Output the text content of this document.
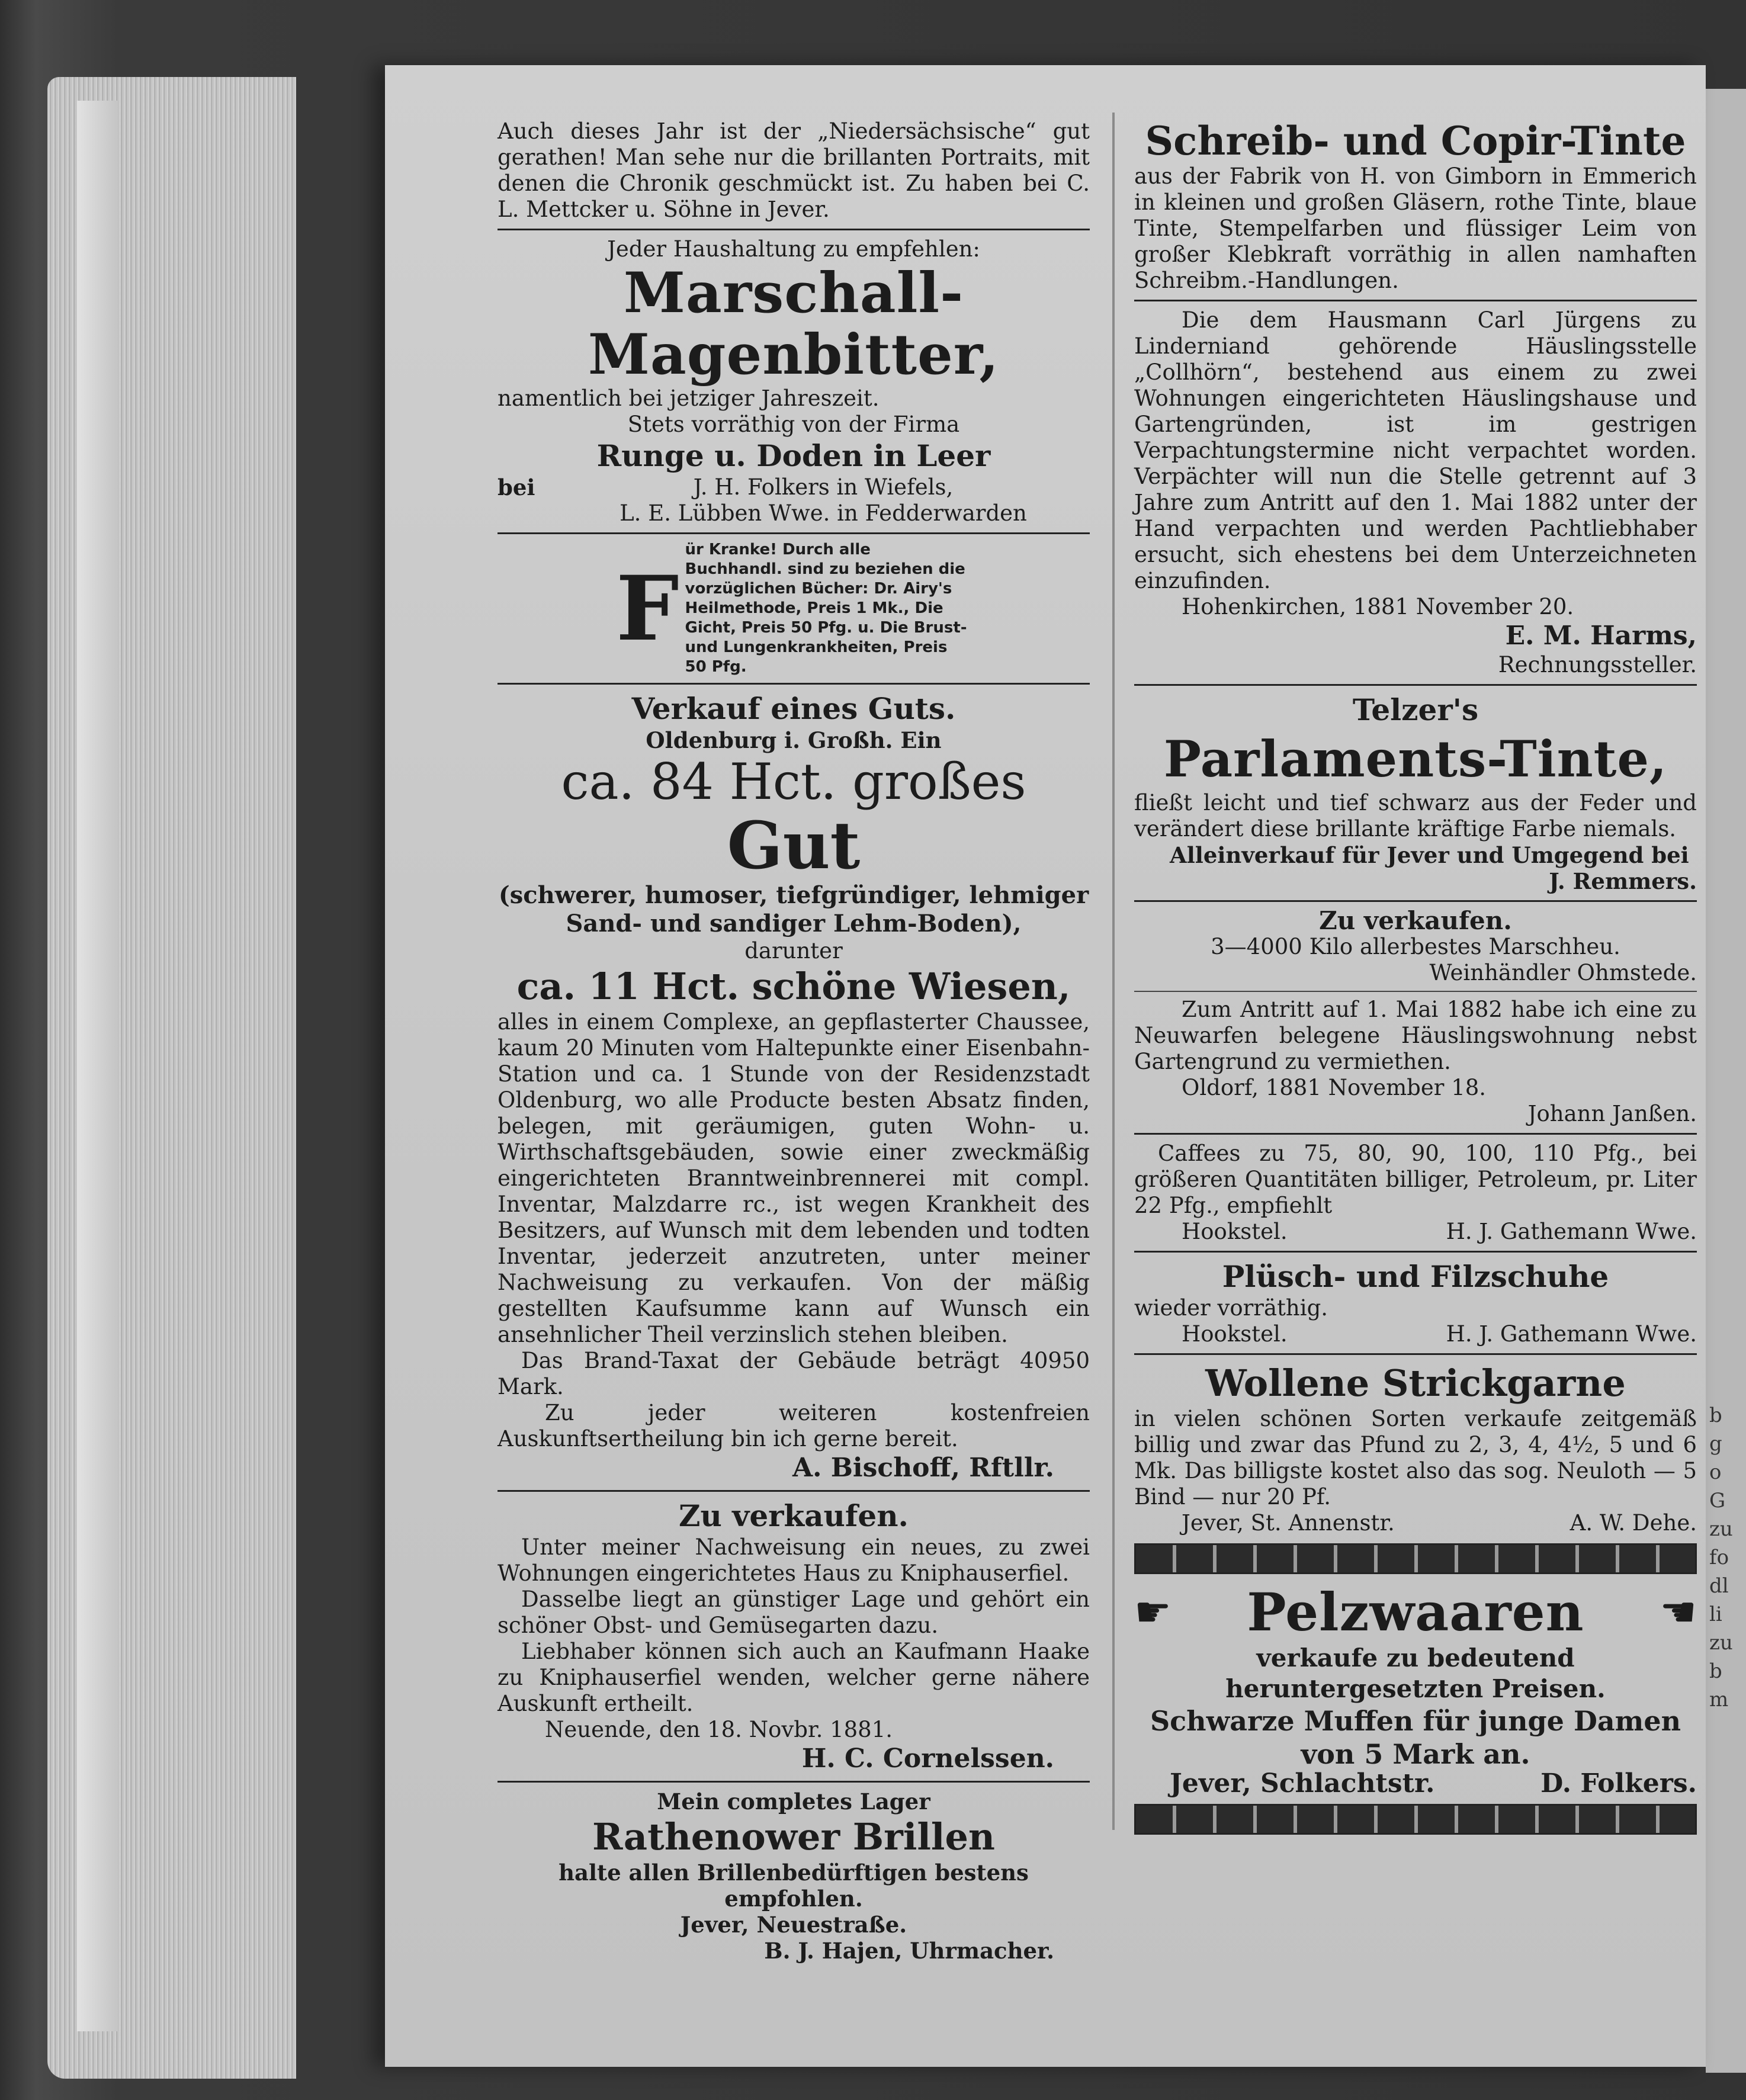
b
g
o
G
zu
fo
dl
li
zu
b
m

Auch dieses Jahr ist der „Niedersächsische“ gut gerathen! Man sehe nur die brillanten Portraits, mit denen die Chronik geschmückt ist. Zu haben bei C. L. Mettcker u. Söhne in Jever.

Jeder Haushaltung zu empfehlen:

Marschall-Magenbitter,

namentlich bei jetziger Jahreszeit.

Stets vorräthig von der Firma

Runge u. Doden in Leer

bei	J. H. Folkers in Wiefels,

L. E. Lübben Wwe. in Fedderwarden

F
ür Kranke! Durch alle Buchhandl. sind zu beziehen die vorzüglichen Bücher: Dr. Airy's Heilmethode, Preis 1 Mk., Die Gicht, Preis 50 Pfg. u. Die Brust- und Lungenkrankheiten, Preis 50 Pfg.

Verkauf eines Guts.

Oldenburg i. Großh. Ein

ca. 84 Hct. großes

Gut

(schwerer, humoser, tiefgründiger, lehmiger Sand- und sandiger Lehm-Boden),

darunter

ca. 11 Hct. schöne Wiesen,

alles in einem Complexe, an gepflasterter Chaussee, kaum 20 Minuten vom Haltepunkte einer Eisenbahn-Station und ca. 1 Stunde von der Residenzstadt Oldenburg, wo alle Producte besten Absatz finden, belegen, mit geräumigen, guten Wohn- u. Wirthschaftsgebäuden, sowie einer zweckmäßig eingerichteten Branntweinbrennerei mit compl. Inventar, Malzdarre rc., ist wegen Krankheit des Besitzers, auf Wunsch mit dem lebenden und todten Inventar, jederzeit anzutreten, unter meiner Nachweisung zu verkaufen. Von der mäßig gestellten Kaufsumme kann auf Wunsch ein ansehnlicher Theil verzinslich stehen bleiben.

Das Brand-Taxat der Gebäude beträgt 40950 Mark.

Zu jeder weiteren kostenfreien Auskunftsertheilung bin ich gerne bereit.

A. Bischoff, Rftllr.

Zu verkaufen.

Unter meiner Nachweisung ein neues, zu zwei Wohnungen eingerichtetes Haus zu Kniphauserfiel.

Dasselbe liegt an günstiger Lage und gehört ein schöner Obst- und Gemüsegarten dazu.

Liebhaber können sich auch an Kaufmann Haake zu Kniphauserfiel wenden, welcher gerne nähere Auskunft ertheilt.

Neuende, den 18. Novbr. 1881.

H. C. Cornelssen.

Mein completes Lager

Rathenower Brillen

halte allen Brillenbedürftigen bestens empfohlen.

Jever, Neuestraße.

B. J. Hajen, Uhrmacher.

Schreib- und Copir-Tinte

aus der Fabrik von H. von Gimborn in Emmerich in kleinen und großen Gläsern, rothe Tinte, blaue Tinte, Stempelfarben und flüssiger Leim von großer Klebkraft vorräthig in allen namhaften Schreibm.-Handlungen.

Die dem Hausmann Carl Jürgens zu Linderniand gehörende Häuslingsstelle „Collhörn“, bestehend aus einem zu zwei Wohnungen eingerichteten Häuslingshause und Gartengründen, ist im gestrigen Verpachtungstermine nicht verpachtet worden. Verpächter will nun die Stelle getrennt auf 3 Jahre zum Antritt auf den 1. Mai 1882 unter der Hand verpachten und werden Pachtliebhaber ersucht, sich ehestens bei dem Unterzeichneten einzufinden.

Hohenkirchen, 1881 November 20.

E. M. Harms,

Rechnungssteller.

Telzer's

Parlaments-Tinte,

fließt leicht und tief schwarz aus der Feder und verändert diese brillante kräftige Farbe niemals.

Alleinverkauf für Jever und Umgegend bei

J. Remmers.

Zu verkaufen.

3—4000 Kilo allerbestes Marschheu.

Weinhändler Ohmstede.

Zum Antritt auf 1. Mai 1882 habe ich eine zu Neuwarfen belegene Häuslingswohnung nebst Gartengrund zu vermiethen.

Oldorf, 1881 November 18.

Johann Janßen.

Caffees zu 75, 80, 90, 100, 110 Pfg., bei größeren Quantitäten billiger, Petroleum, pr. Liter 22 Pfg., empfiehlt

Hookstel.	H. J. Gathemann Wwe.

Plüsch- und Filzschuhe

wieder vorräthig.

Hookstel.	H. J. Gathemann Wwe.

Wollene Strickgarne

in vielen schönen Sorten verkaufe zeitgemäß billig und zwar das Pfund zu 2, 3, 4, 4½, 5 und 6 Mk. Das billigste kostet also das sog. Neuloth — 5 Bind — nur 20 Pf.

Jever, St. Annenstr.	A. W. Dehe.

☛ Pelzwaaren ☚

verkaufe zu bedeutend heruntergesetzten Preisen.

Schwarze Muffen für junge Damen

von 5 Mark an.

Jever, Schlachtstr.	D. Folkers.
